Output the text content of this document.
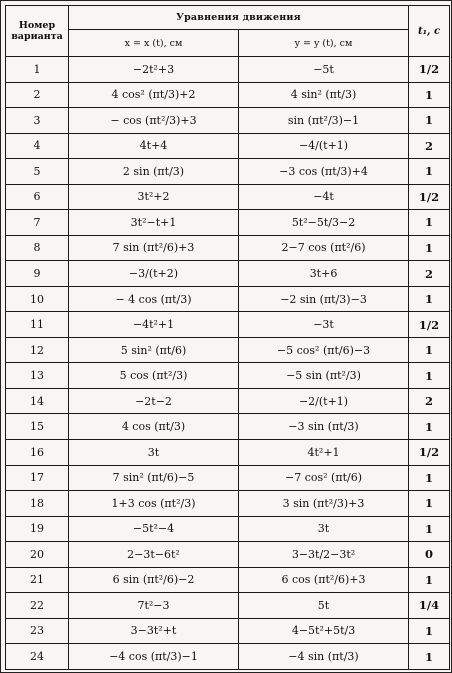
Номер варианта	Уравнения движения		t₁, с
	x = x (t), см	y = y (t), см	
1	−2t²+3	−5t	1/2
2	4 cos² (πt/3)+2	4 sin² (πt/3)	1
3	− cos (πt²/3)+3	sin (πt²/3)−1	1
4	4t+4	−4/(t+1)	2
5	2 sin (πt/3)	−3 cos (πt/3)+4	1
6	3t²+2	−4t	1/2
7	3t²−t+1	5t²−5t/3−2	1
8	7 sin (πt²/6)+3	2−7 cos (πt²/6)	1
9	−3/(t+2)	3t+6	2
10	− 4 cos (πt/3)	−2 sin (πt/3)−3	1
11	−4t²+1	−3t	1/2
12	5 sin² (πt/6)	−5 cos² (πt/6)−3	1
13	5 cos (πt²/3)	−5 sin (πt²/3)	1
14	−2t−2	−2/(t+1)	2
15	4 cos (πt/3)	−3 sin (πt/3)	1
16	3t	4t²+1	1/2
17	7 sin² (πt/6)−5	−7 cos² (πt/6)	1
18	1+3 cos (πt²/3)	3 sin (πt²/3)+3	1
19	−5t²−4	3t	1
20	2−3t−6t²	3−3t/2−3t²	0
21	6 sin (πt²/6)−2	6 cos (πt²/6)+3	1
22	7t²−3	5t	1/4
23	3−3t²+t	4−5t²+5t/3	1
24	−4 cos (πt/3)−1	−4 sin (πt/3)	1
